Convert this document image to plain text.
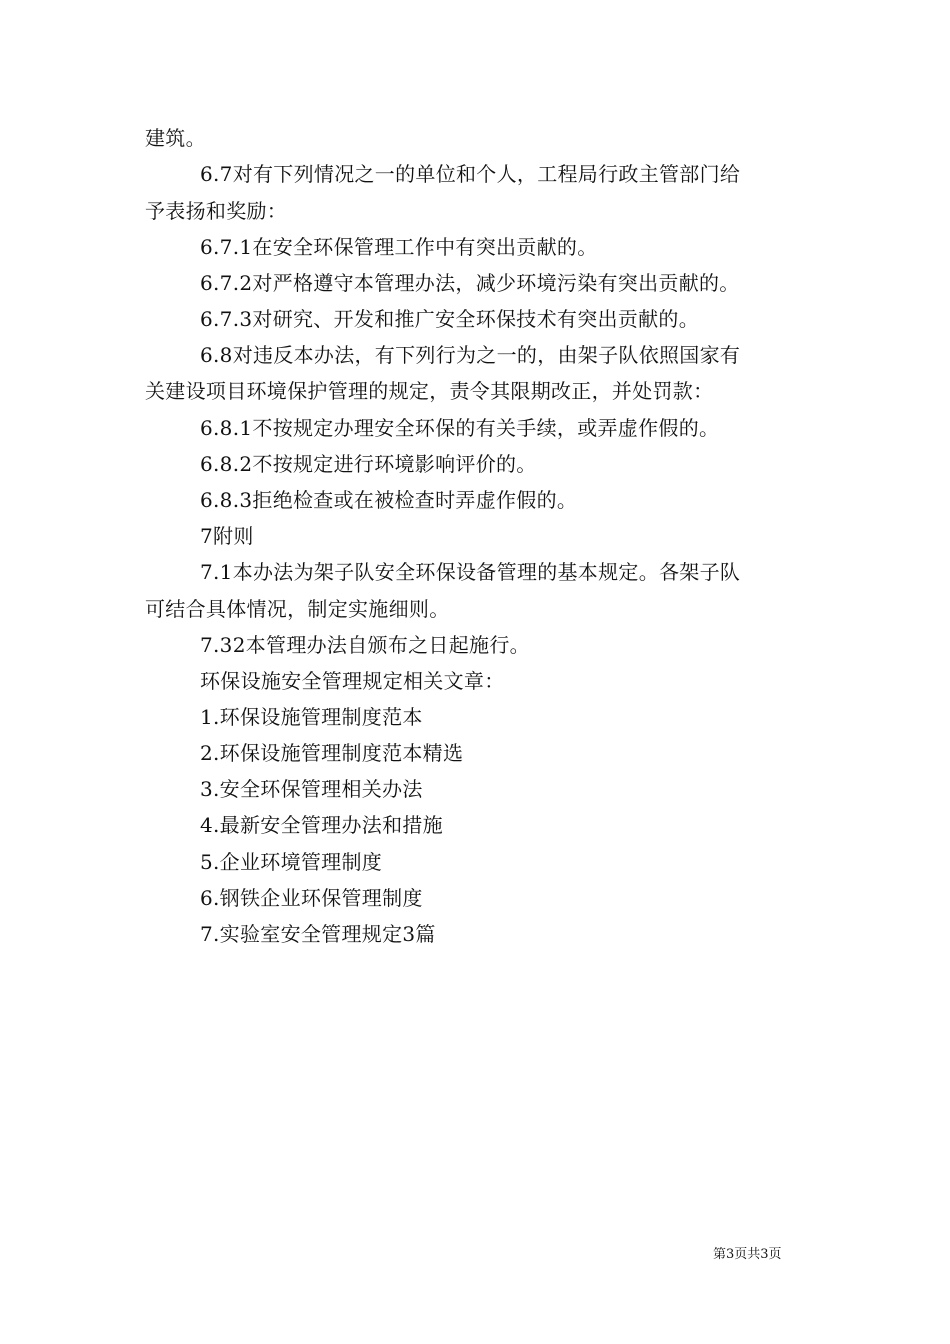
建筑。
6.7对有下列情况之一的单位和个人，工程局行政主管部门给
予表扬和奖励：
6.7.1在安全环保管理工作中有突出贡献的。
6.7.2对严格遵守本管理办法，减少环境污染有突出贡献的。
6.7.3对研究、开发和推广安全环保技术有突出贡献的。
6.8对违反本办法，有下列行为之一的，由架子队依照国家有
关建设项目环境保护管理的规定，责令其限期改正，并处罚款：
6.8.1不按规定办理安全环保的有关手续，或弄虚作假的。
6.8.2不按规定进行环境影响评价的。
6.8.3拒绝检查或在被检查时弄虚作假的。
7附则
7.1本办法为架子队安全环保设备管理的基本规定。各架子队
可结合具体情况，制定实施细则。
7.32本管理办法自颁布之日起施行。
环保设施安全管理规定相关文章：
1.环保设施管理制度范本
2.环保设施管理制度范本精选
3.安全环保管理相关办法
4.最新安全管理办法和措施
5.企业环境管理制度
6.钢铁企业环保管理制度
7.实验室安全管理规定3篇
第3页共3页
